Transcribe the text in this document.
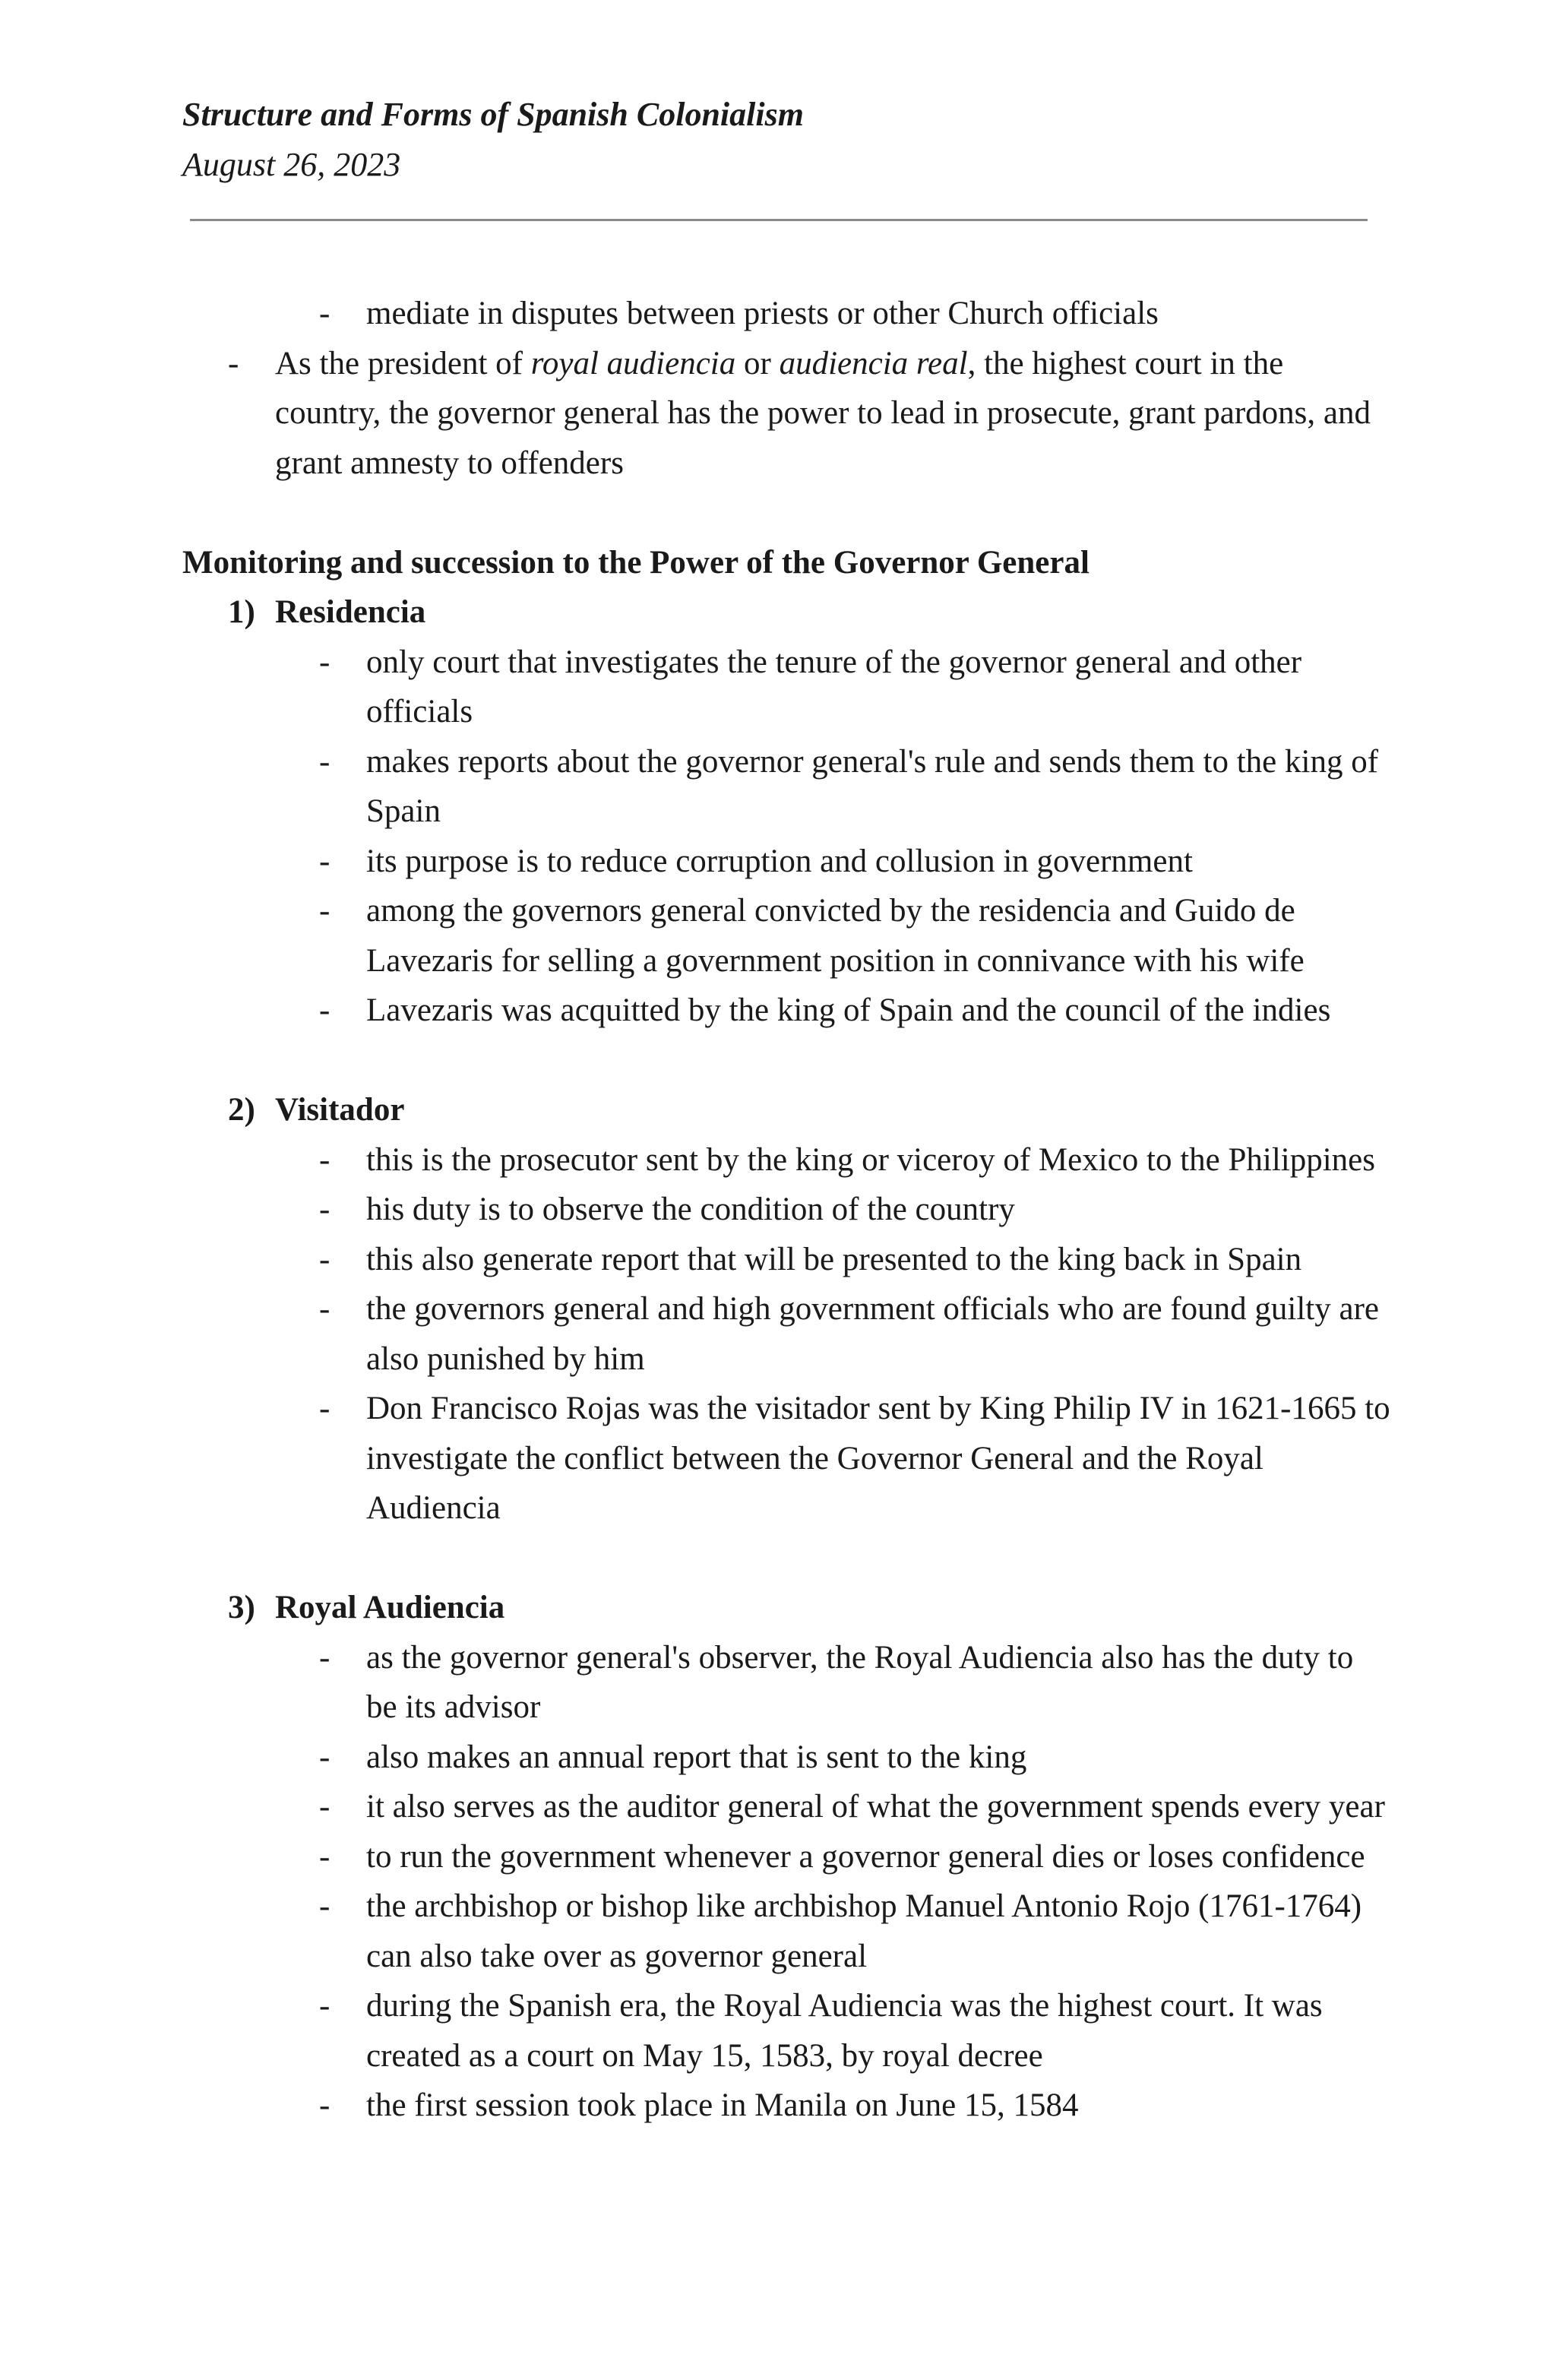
Structure and Forms of Spanish Colonialism
August 26, 2023
- mediate in disputes between priests or other Church officials
- As the president of royal audiencia or audiencia real, the highest court in the country, the governor general has the power to lead in prosecute, grant pardons, and grant amnesty to offenders
Monitoring and succession to the Power of the Governor General
1) Residencia
- only court that investigates the tenure of the governor general and other officials
- makes reports about the governor general's rule and sends them to the king of Spain
- its purpose is to reduce corruption and collusion in government
- among the governors general convicted by the residencia and Guido de Lavezaris for selling a government position in connivance with his wife
- Lavezaris was acquitted by the king of Spain and the council of the indies
2) Visitador
- this is the prosecutor sent by the king or viceroy of Mexico to the Philippines
- his duty is to observe the condition of the country
- this also generate report that will be presented to the king back in Spain
- the governors general and high government officials who are found guilty are also punished by him
- Don Francisco Rojas was the visitador sent by King Philip IV in 1621-1665 to investigate the conflict between the Governor General and the Royal Audiencia
3) Royal Audiencia
- as the governor general's observer, the Royal Audiencia also has the duty to be its advisor
- also makes an annual report that is sent to the king
- it also serves as the auditor general of what the government spends every year
- to run the government whenever a governor general dies or loses confidence
- the archbishop or bishop like archbishop Manuel Antonio Rojo (1761-1764) can also take over as governor general
- during the Spanish era, the Royal Audiencia was the highest court. It was created as a court on May 15, 1583, by royal decree
- the first session took place in Manila on June 15, 1584
